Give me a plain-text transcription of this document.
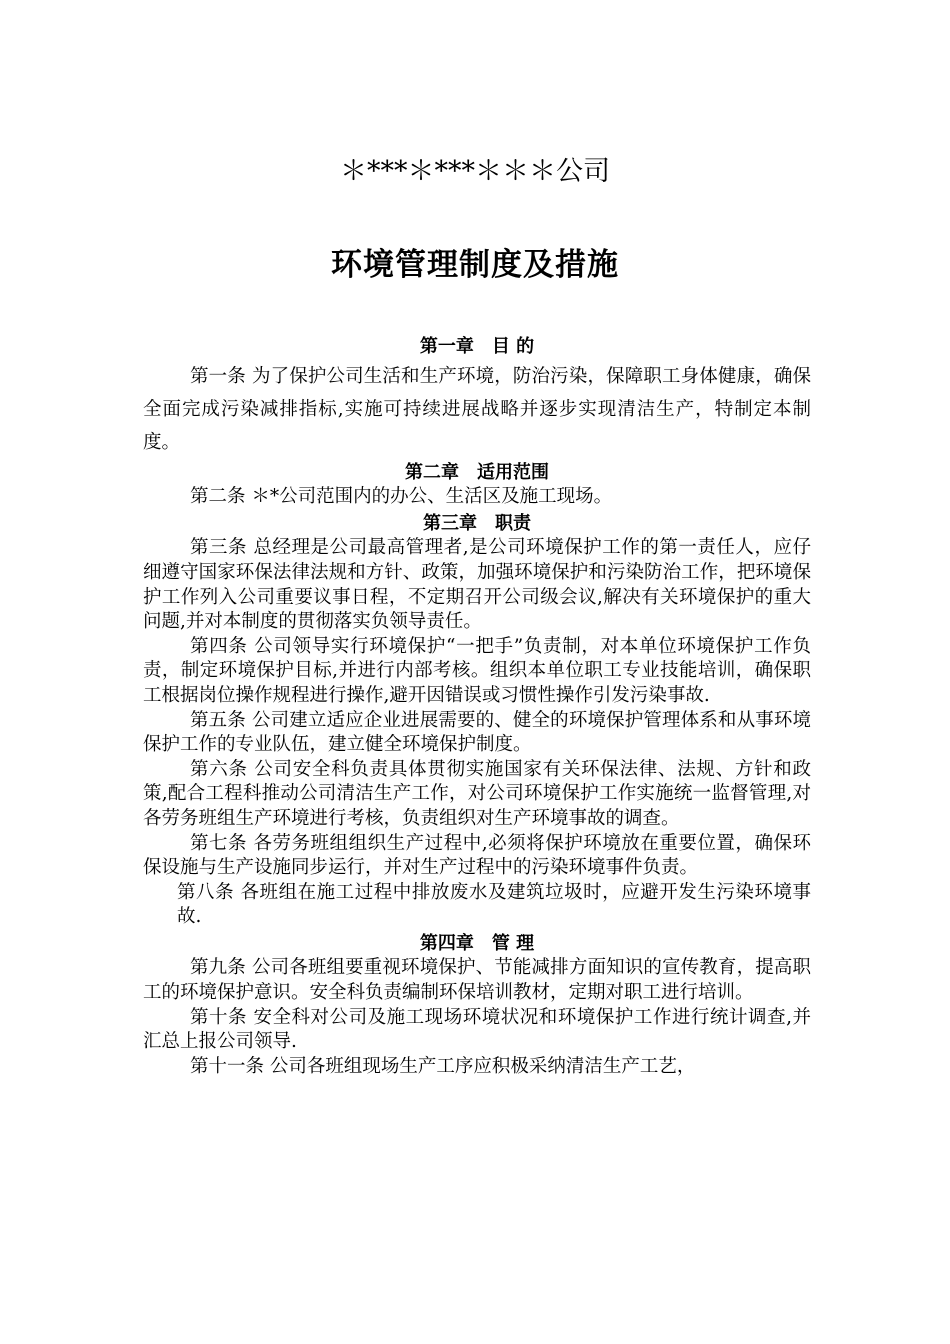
＊***＊***＊＊＊公司
环境管理制度及措施
第一章　目 的

第一条 为了保护公司生活和生产环境，防治污染，保障职工身体健康，确保全面完成污染减排指标,实施可持续进展战略并逐步实现清洁生产，特制定本制度。

第二章　适用范围

第二条 ＊*公司范围内的办公、生活区及施工现场。

第三章　职责

第三条 总经理是公司最高管理者,是公司环境保护工作的第一责任人，应仔细遵守国家环保法律法规和方针、政策，加强环境保护和污染防治工作，把环境保护工作列入公司重要议事日程，不定期召开公司级会议,解决有关环境保护的重大问题,并对本制度的贯彻落实负领导责任。

第四条 公司领导实行环境保护“一把手”负责制，对本单位环境保护工作负责，制定环境保护目标,并进行内部考核。组织本单位职工专业技能培训，确保职工根据岗位操作规程进行操作,避开因错误或习惯性操作引发污染事故.

第五条 公司建立适应企业进展需要的、健全的环境保护管理体系和从事环境保护工作的专业队伍，建立健全环境保护制度。

第六条 公司安全科负责具体贯彻实施国家有关环保法律、法规、方针和政策,配合工程科推动公司清洁生产工作，对公司环境保护工作实施统一监督管理,对各劳务班组生产环境进行考核，负责组织对生产环境事故的调查。

第七条 各劳务班组组织生产过程中,必须将保护环境放在重要位置，确保环保设施与生产设施同步运行，并对生产过程中的污染环境事件负责。

第八条 各班组在施工过程中排放废水及建筑垃圾时，应避开发生污染环境事故.

第四章　管 理

第九条 公司各班组要重视环境保护、节能减排方面知识的宣传教育，提高职工的环境保护意识。安全科负责编制环保培训教材，定期对职工进行培训。

第十条 安全科对公司及施工现场环境状况和环境保护工作进行统计调查,并汇总上报公司领导.

第十一条 公司各班组现场生产工序应积极采纳清洁生产工艺，
